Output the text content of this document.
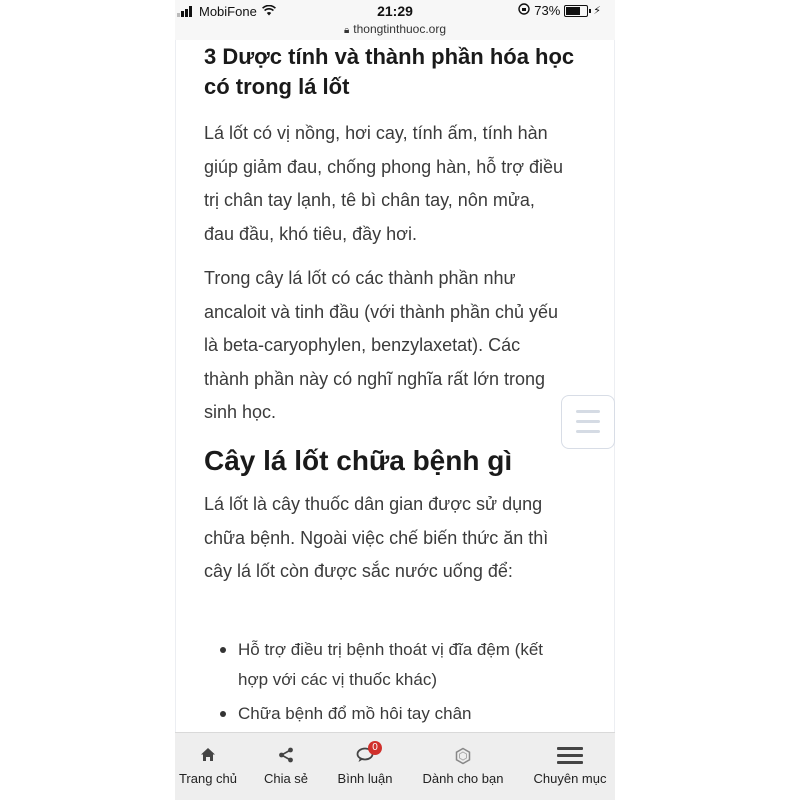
MobiFone	21:29	73%	⚡
🔒︎ thongtinthuoc.org
3 Dược tính và thành phần hóa học có trong lá lốt

Lá lốt có vị nồng, hơi cay, tính ấm, tính hàn giúp giảm đau, chống phong hàn, hỗ trợ điều trị chân tay lạnh, tê bì chân tay, nôn mửa, đau đầu, khó tiêu, đầy hơi.

Trong cây lá lốt có các thành phần như ancaloit và tinh đầu (với thành phần chủ yếu là beta-caryophylen, benzylaxetat). Các thành phần này có nghĩ nghĩa rất lớn trong sinh học.

Cây lá lốt chữa bệnh gì

Lá lốt là cây thuốc dân gian được sử dụng chữa bệnh. Ngoài việc chế biến thức ăn thì cây lá lốt còn được sắc nước uống để:

Hỗ trợ điều trị bệnh thoát vị đĩa đệm (kết hợp với các vị thuốc khác)
Chữa bệnh đổ mồ hôi tay chân
Trang chủ	Chia sẻ
0
Bình luận	Dành cho bạn	Chuyên mục
